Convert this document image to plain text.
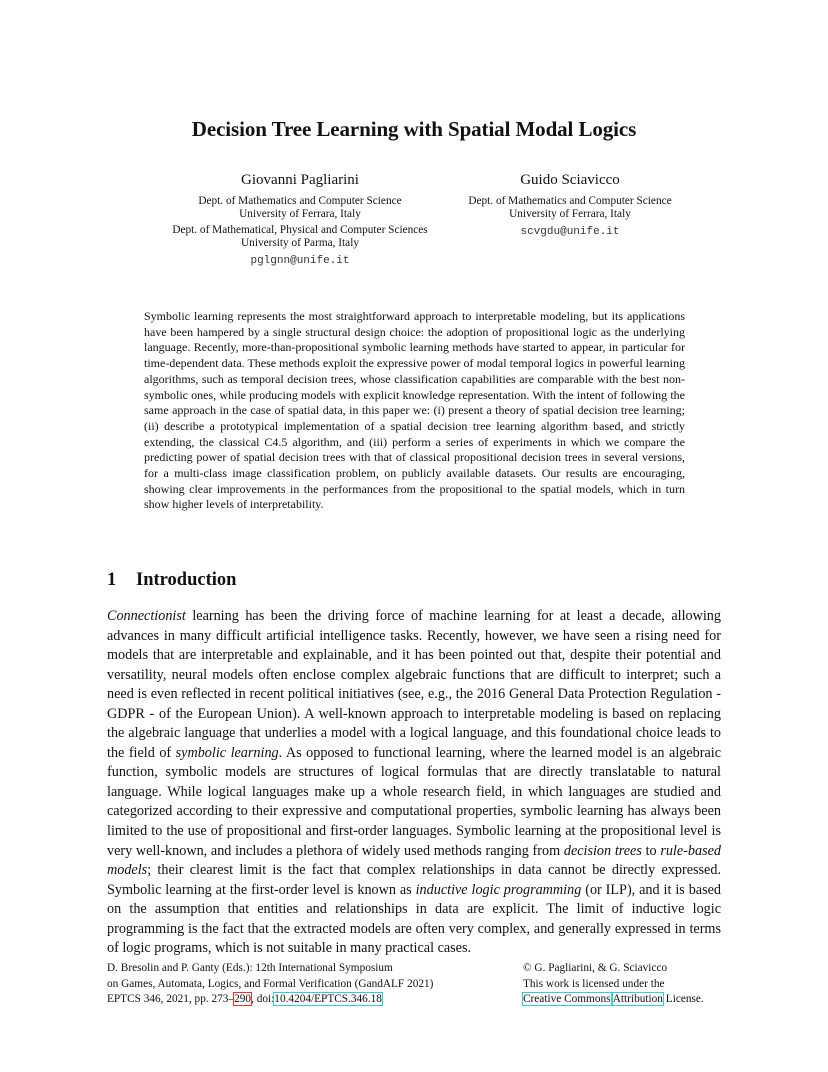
Decision Tree Learning with Spatial Modal Logics
Giovanni Pagliarini
Dept. of Mathematics and Computer Science
University of Ferrara, Italy
Dept. of Mathematical, Physical and Computer Sciences
University of Parma, Italy
pglgnn@unife.it
Guido Sciavicco
Dept. of Mathematics and Computer Science
University of Ferrara, Italy
scvgdu@unife.it

Symbolic learning represents the most straightforward approach to interpretable modeling, but its applications have been hampered by a single structural design choice: the adoption of propositional logic as the underlying language. Recently, more-than-propositional symbolic learning methods have started to appear, in particular for time-dependent data. These methods exploit the expressive power of modal temporal logics in powerful learning algorithms, such as temporal decision trees, whose classification capabilities are comparable with the best non-symbolic ones, while producing models with explicit knowledge representation. With the intent of following the same approach in the case of spatial data, in this paper we: (i) present a theory of spatial decision tree learning; (ii) describe a prototypical implementation of a spatial decision tree learning algorithm based, and strictly extending, the classical C4.5 algorithm, and (iii) perform a series of experiments in which we compare the predicting power of spatial decision trees with that of classical propositional decision trees in several versions, for a multi-class image classification problem, on publicly available datasets. Our results are encouraging, showing clear improvements in the performances from the propositional to the spatial models, which in turn show higher levels of interpretability.

1 Introduction

Connectionist learning has been the driving force of machine learning for at least a decade, allowing advances in many difficult artificial intelligence tasks. Recently, however, we have seen a rising need for models that are interpretable and explainable, and it has been pointed out that, despite their potential and versatility, neural models often enclose complex algebraic functions that are difficult to interpret; such a need is even reflected in recent political initiatives (see, e.g., the 2016 General Data Protection Regulation - GDPR - of the European Union). A well-known approach to interpretable modeling is based on replacing the algebraic language that underlies a model with a logical language, and this foundational choice leads to the field of symbolic learning. As opposed to functional learning, where the learned model is an algebraic function, symbolic models are structures of logical formulas that are directly translatable to natural language. While logical languages make up a whole research field, in which languages are studied and categorized according to their expressive and computational properties, symbolic learning has always been limited to the use of propositional and first-order languages. Symbolic learning at the propositional level is very well-known, and includes a plethora of widely used methods ranging from decision trees to rule-based models; their clearest limit is the fact that complex relationships in data cannot be directly expressed. Symbolic learning at the first-order level is known as inductive logic programming (or ILP), and it is based on the assumption that entities and relationships in data are explicit. The limit of inductive logic programming is the fact that the extracted models are often very complex, and generally expressed in terms of logic programs, which is not suitable in many practical cases.

D. Bresolin and P. Ganty (Eds.): 12th International Symposium
on Games, Automata, Logics, and Formal Verification (GandALF 2021)
EPTCS 346, 2021, pp. 273–290, doi:10.4204/EPTCS.346.18
© G. Pagliarini, & G. Sciavicco
This work is licensed under the
Creative Commons Attribution License.
